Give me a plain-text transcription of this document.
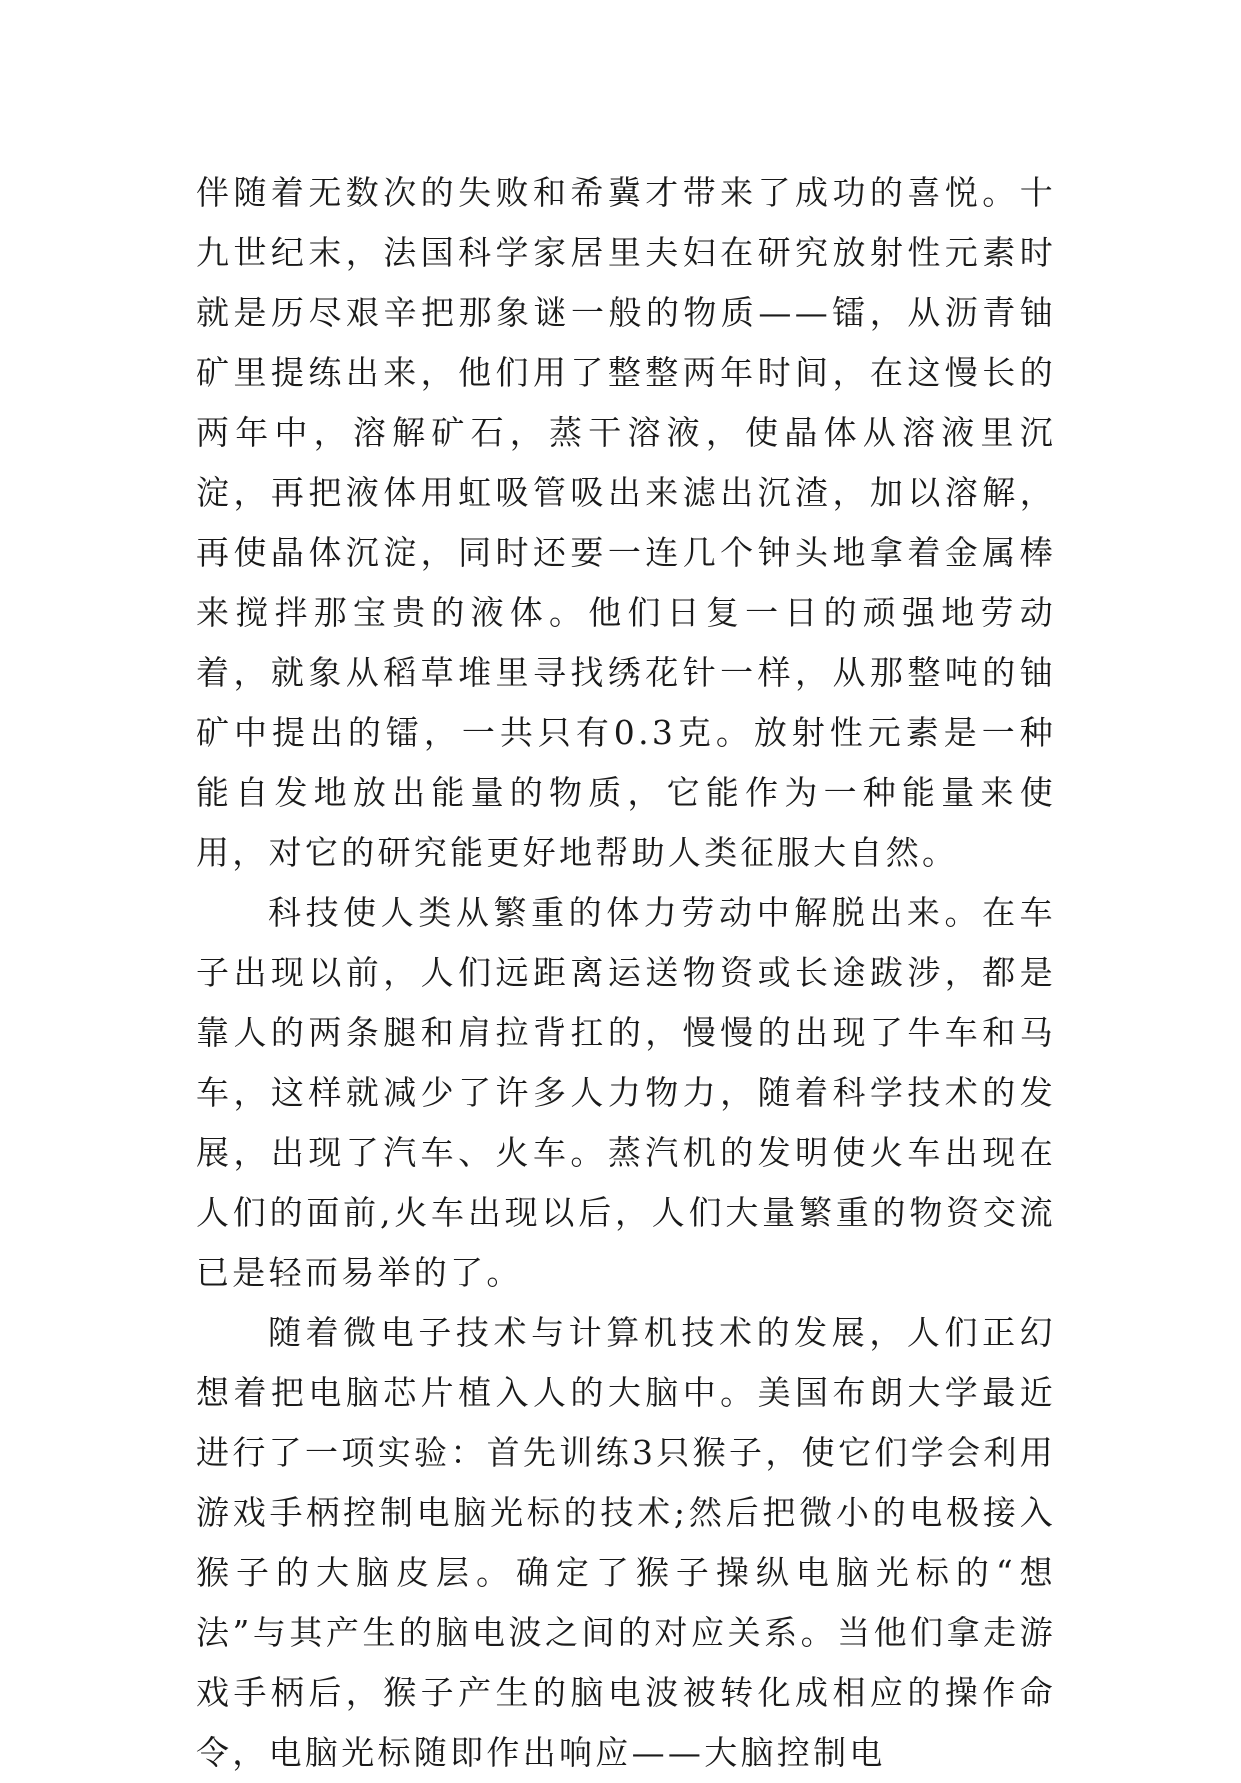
伴随着无数次的失败和希冀才带来了成功的喜悦。十九世纪末，法国科学家居里夫妇在研究放射性元素时就是历尽艰辛把那象谜一般的物质——镭，从沥青铀矿里提练出来，他们用了整整两年时间，在这慢长的两年中，溶解矿石，蒸干溶液，使晶体从溶液里沉淀，再把液体用虹吸管吸出来滤出沉渣，加以溶解，再使晶体沉淀，同时还要一连几个钟头地拿着金属棒来搅拌那宝贵的液体。他们日复一日的顽强地劳动着，就象从稻草堆里寻找绣花针一样，从那整吨的铀矿中提出的镭，一共只有0.3克。放射性元素是一种能自发地放出能量的物质，它能作为一种能量来使用，对它的研究能更好地帮助人类征服大自然。

科技使人类从繁重的体力劳动中解脱出来。在车子出现以前，人们远距离运送物资或长途跋涉，都是靠人的两条腿和肩拉背扛的，慢慢的出现了牛车和马车，这样就减少了许多人力物力，随着科学技术的发展，出现了汽车、火车。蒸汽机的发明使火车出现在人们的面前,火车出现以后，人们大量繁重的物资交流已是轻而易举的了。

随着微电子技术与计算机技术的发展，人们正幻想着把电脑芯片植入人的大脑中。美国布朗大学最近进行了一项实验：首先训练3只猴子，使它们学会利用游戏手柄控制电脑光标的技术;然后把微小的电极接入猴子的大脑皮层。确定了猴子操纵电脑光标的“想法”与其产生的脑电波之间的对应关系。当他们拿走游戏手柄后，猴子产生的脑电波被转化成相应的操作命令，电脑光标随即作出响应——大脑控制电
